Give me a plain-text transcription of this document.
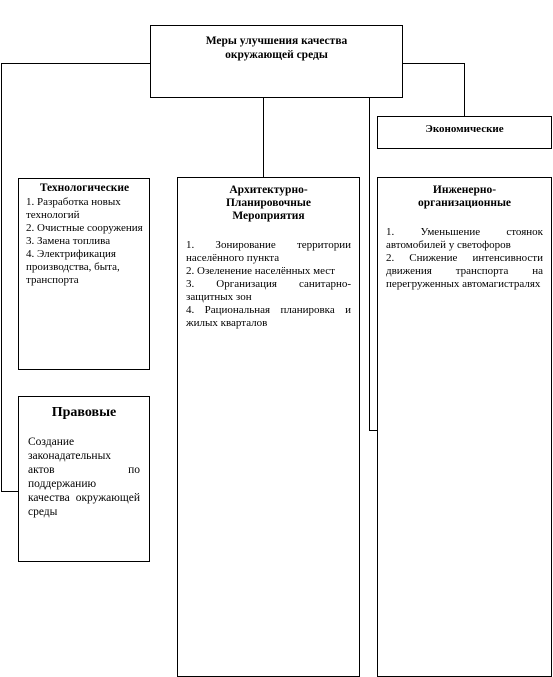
Меры улучшения качества окружающей среды
Экономические
Технологические

1. Разработка новых технологий

2. Очистные сооружения

3. Замена топлива

4. Электрификация производства, быта, транспорта

Правовые
Создание законадательных актов по поддержанию качества окружающей среды
Архитектурно-Планировочные Мероприятия

1. Зонирование территории населённого пункта

2. Озеленение населённых мест

3. Организация санитарно-защитных зон

4. Рациональная планировка и жилых кварталов

Инженерно-организационные

1. Уменьшение стоянок автомобилей у светофоров

2. Снижение интенсивности движения транспорта на перегруженных автомагистралях
